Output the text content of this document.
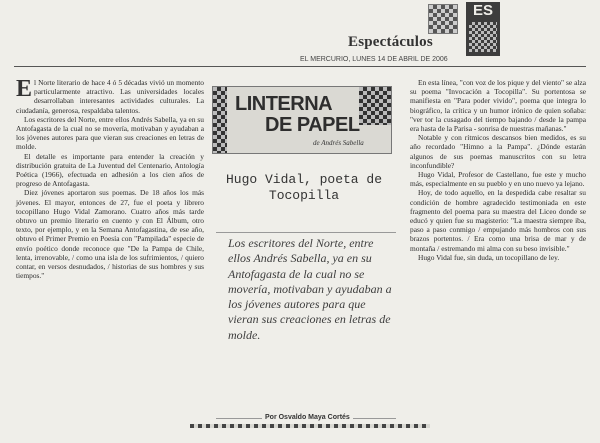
ES
Espectáculos
EL MERCURIO, LUNES 14 DE ABRIL DE 2006

El Norte literario de hace 4 ó 5 décadas vivió un momento particularmente atractivo. Las universidades locales desarrollaban interesantes actividades culturales. La ciudadanía, generosa, respaldaba talentos.

Los escritores del Norte, entre ellos Andrés Sabella, ya en su Antofagasta de la cual no se movería, motivaban y ayudaban a los jóvenes autores para que vieran sus creaciones en letras de molde.

El detalle es importante para entender la creación y distribución gratuita de La Juventud del Centenario, Antología Poética (1966), efectuada en adhesión a los cien años de progreso de Antofagasta.

Diez jóvenes aportaron sus poemas. De 18 años los más jóvenes. El mayor, entonces de 27, fue el poeta y librero tocopillano Hugo Vidal Zamorano. Cuatro años más tarde obtuvo un premio literario en cuento y con El Álbum, otro texto, por ejemplo, y en la Semana Antofagastina, de ese año, obtuvo el Primer Premio en Poesía con "Pampilada" especie de envío poético donde reconoce que "De la Pampa de Chile, lenta, irrenovable, / como una isla de los sufrimientos, / quiero contar, en versos desnudados, / historias de sus hombres y sus tiempos."

LINTERNA
DE PAPEL
de Andrés Sabella
Hugo Vidal, poeta de Tocopilla
Los escritores del Norte, entre ellos Andrés Sabella, ya en su Antofagasta de la cual no se movería, motivaban y ayudaban a los jóvenes autores para que vieran sus creaciones en letras de molde.

En esta línea, "con voz de los pique y del viento" se alza su poema "Invocación a Tocopilla". Su portentosa se manifiesta en "Para poder vivido", poema que integra lo biográfico, la crítica y un humor irónico de quien soñaba: "ver tor la cusagado del tiempo bajando / desde la pampa era hasta de la Parisa - sonrisa de nuestras mañanas."

Notable y con rítmicos descansos bien medidos, es su año recordado "Himno a la Pampa". ¿Dónde estarán algunos de sus poemas manuscritos con su letra inconfundible?

Hugo Vidal, Profesor de Castellano, fue este y mucho más, especialmente en su pueblo y en uno nuevo ya lejano.

Hoy, de todo aquello, en la despedida cabe resaltar su condición de hombre agradecido testimoniada en este fragmento del poema para su maestra del Liceo donde se educó y quien fue su magisterio: "La maestra siempre iba, paso a paso conmigo / empujando más hombros con sus brazos portentos. / Era como una brisa de mar y de montaña / estremando mi alma con su beso invisible."

Hugo Vidal fue, sin duda, un tocopillano de ley.

Por Osvaldo Maya Cortés
